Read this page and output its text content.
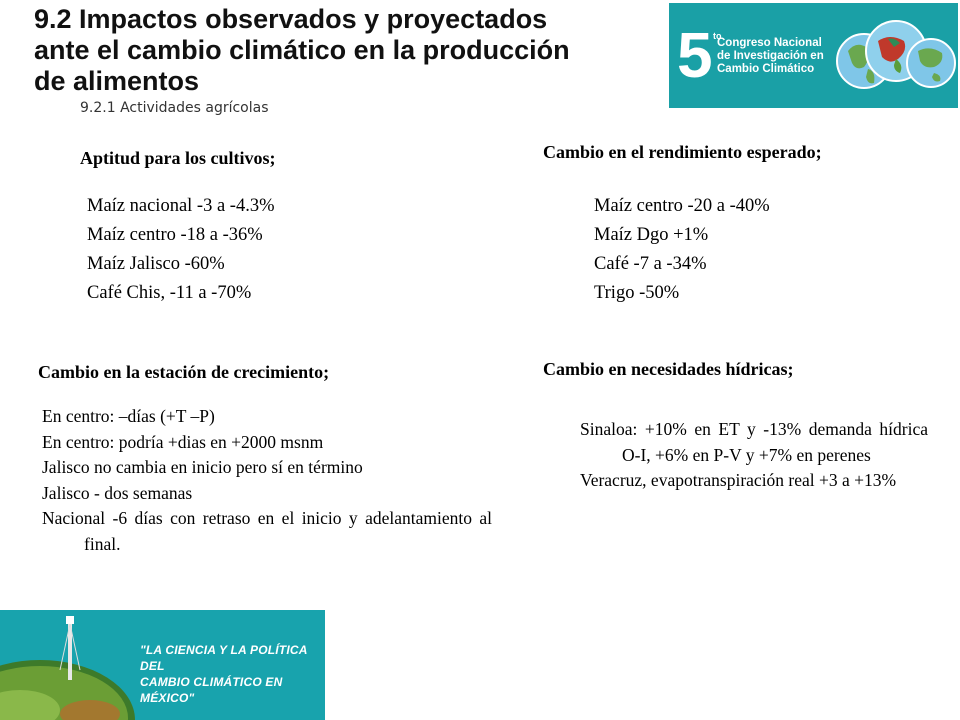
9.2 Impactos observados y proyectados
ante el cambio climático en la producción
de alimentos
9.2.1 Actividades agrícolas
5 to
Congreso Nacional
de Investigación en
Cambio Climático
Aptitud para los cultivos;
Maíz nacional -3 a -4.3%
Maíz centro -18 a -36%
Maíz Jalisco -60%
Café Chis, -11 a -70%
Cambio en el rendimiento esperado;
Maíz centro -20 a -40%
Maíz Dgo +1%
Café -7 a -34%
Trigo -50%
Cambio en la estación de crecimiento;
En centro: –días (+T –P)
En centro: podría +dias en +2000 msnm
Jalisco no cambia en inicio pero sí en término
Jalisco - dos semanas
Nacional -6 días con retraso en el inicio y adelantamiento al final.
Cambio en necesidades hídricas;
Sinaloa: +10% en ET y -13% demanda hídrica O-I, +6% en P-V y +7% en perenes
Veracruz, evapotranspiración real +3 a +13%
"LA CIENCIA Y LA POLÍTICA DEL
CAMBIO CLIMÁTICO EN MÉXICO"
